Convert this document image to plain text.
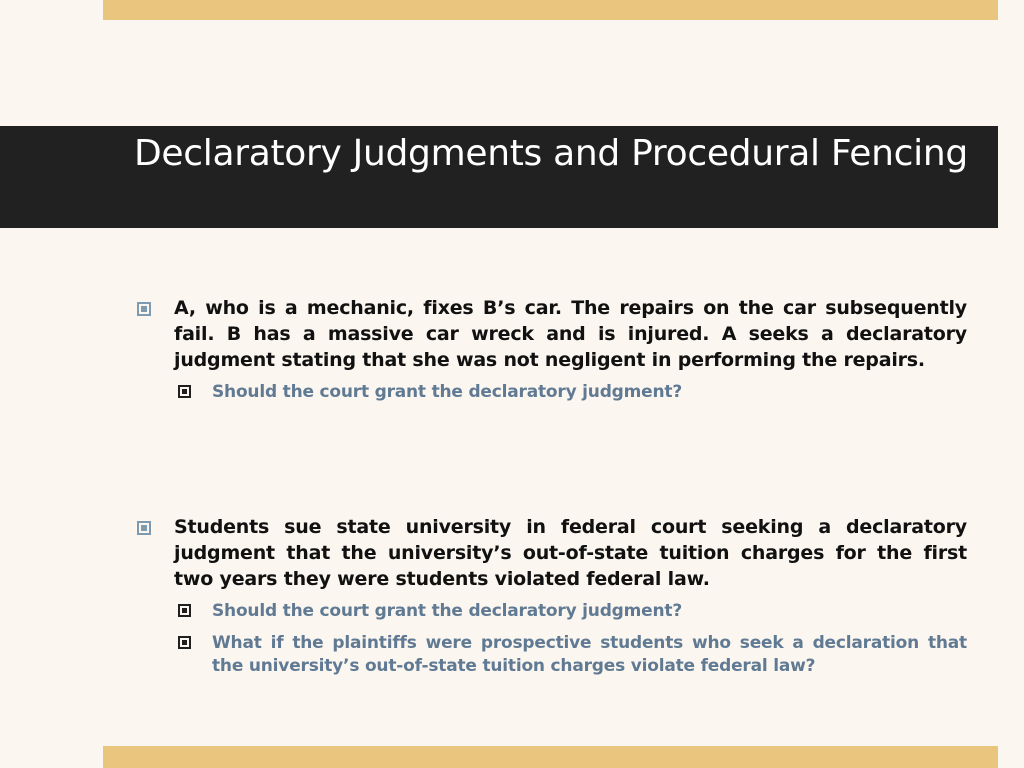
Declaratory Judgments and Procedural Fencing

A, who is a mechanic, fixes B’s car. The repairs on the car subsequently fail. B has a massive car wreck and is injured. A seeks a declaratory judgment stating that she was not negligent in performing the repairs.

Should the court grant the declaratory judgment?

Students sue state university in federal court seeking a declaratory judgment that the university’s out-of-state tuition charges for the first two years they were students violated federal law.

Should the court grant the declaratory judgment?

What if the plaintiffs were prospective students who seek a declaration that the university’s out-of-state tuition charges violate federal law?
